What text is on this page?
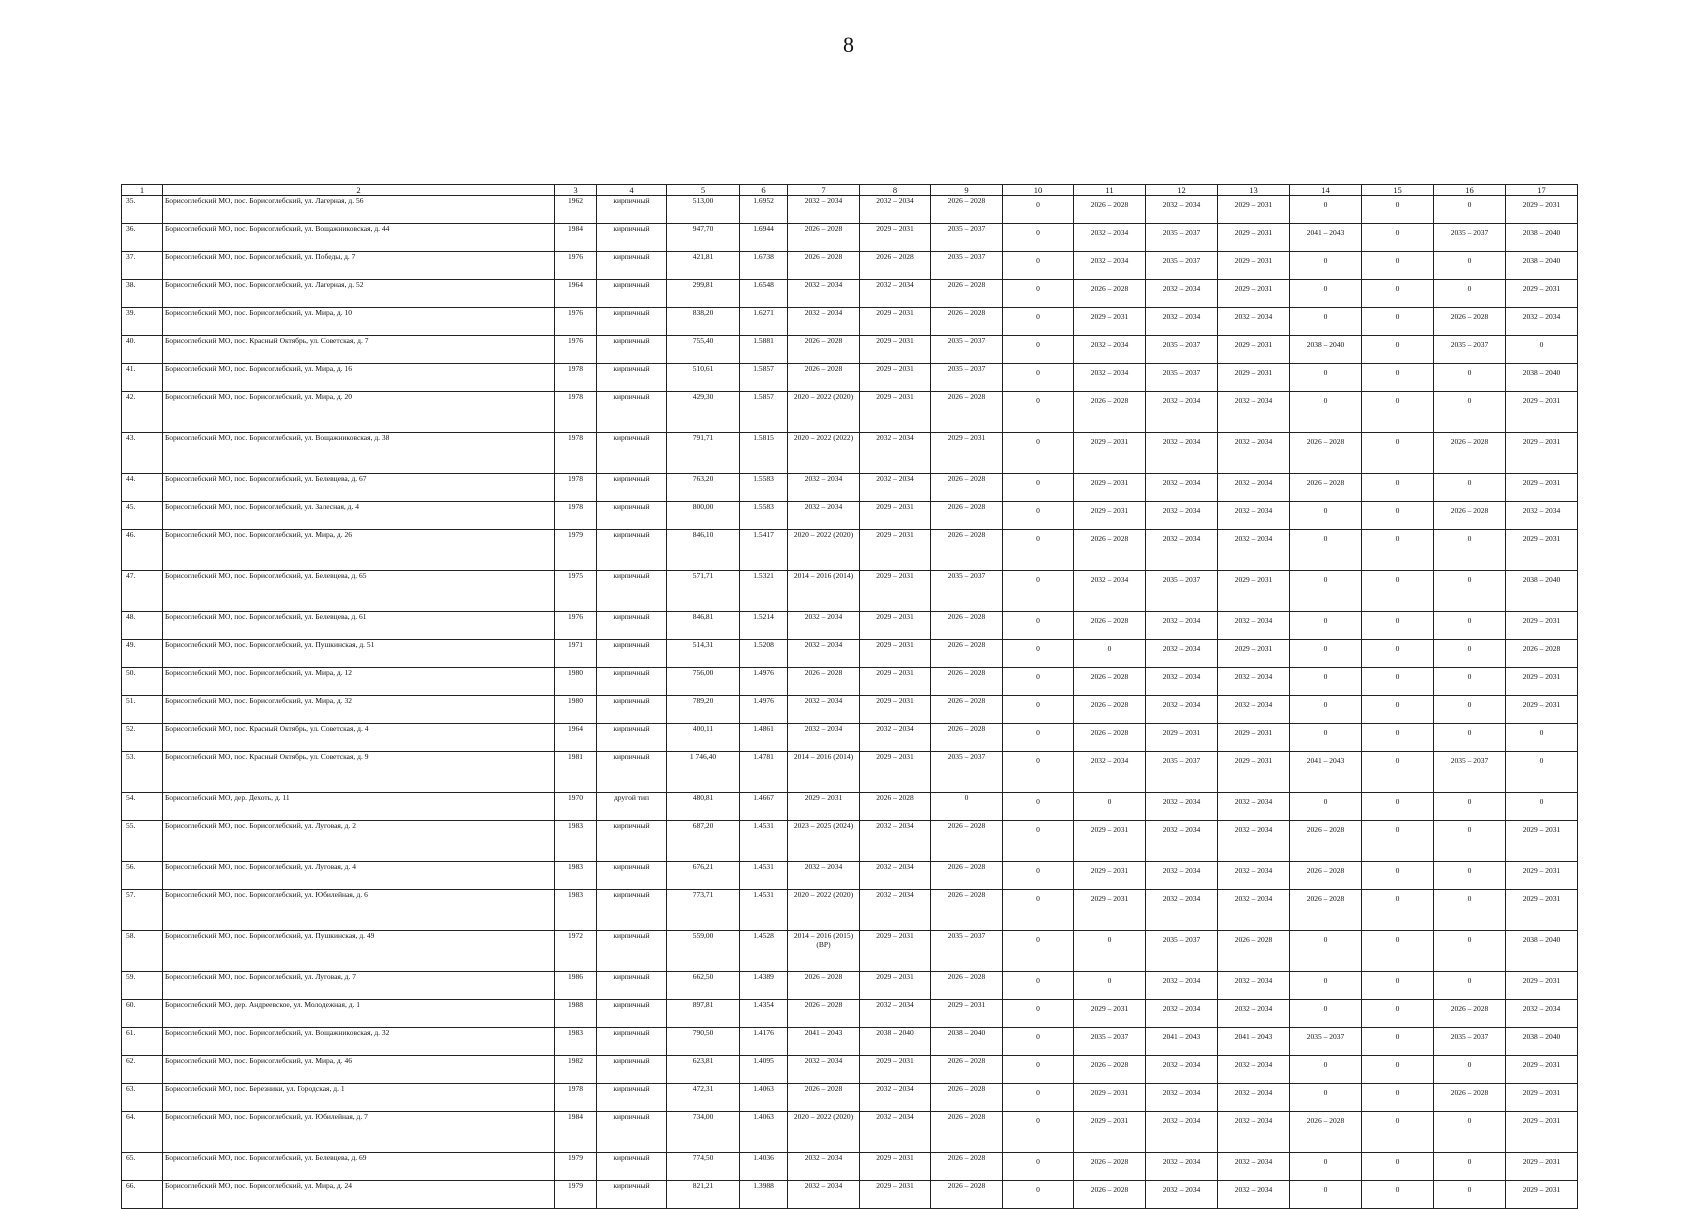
8
1	2	3	4	5	6	7	8	9	10	11	12	13	14	15	16	17
35.	Борисоглебский МО, пос. Борисоглебский, ул. Лагерная, д. 56	1962	кирпичный	513,00	1.6952	2032 – 2034	2032 – 2034	2026 – 2028	0	2026 – 2028	2032 – 2034	2029 – 2031	0	0	0	2029 – 2031
36.	Борисоглебский МО, пос. Борисоглебский, ул. Вощажниковская, д. 44	1984	кирпичный	947,70	1.6944	2026 – 2028	2029 – 2031	2035 – 2037	0	2032 – 2034	2035 – 2037	2029 – 2031	2041 – 2043	0	2035 – 2037	2038 – 2040
37.	Борисоглебский МО, пос. Борисоглебский, ул. Победы, д. 7	1976	кирпичный	421,81	1.6738	2026 – 2028	2026 – 2028	2035 – 2037	0	2032 – 2034	2035 – 2037	2029 – 2031	0	0	0	2038 – 2040
38.	Борисоглебский МО, пос. Борисоглебский, ул. Лагерная, д. 52	1964	кирпичный	299,81	1.6548	2032 – 2034	2032 – 2034	2026 – 2028	0	2026 – 2028	2032 – 2034	2029 – 2031	0	0	0	2029 – 2031
39.	Борисоглебский МО, пос. Борисоглебский, ул. Мира, д. 10	1976	кирпичный	838,20	1.6271	2032 – 2034	2029 – 2031	2026 – 2028	0	2029 – 2031	2032 – 2034	2032 – 2034	0	0	2026 – 2028	2032 – 2034
40.	Борисоглебский МО, пос. Красный Октябрь, ул. Советская, д. 7	1976	кирпичный	755,40	1.5881	2026 – 2028	2029 – 2031	2035 – 2037	0	2032 – 2034	2035 – 2037	2029 – 2031	2038 – 2040	0	2035 – 2037	0
41.	Борисоглебский МО, пос. Борисоглебский, ул. Мира, д. 16	1978	кирпичный	510,61	1.5857	2026 – 2028	2029 – 2031	2035 – 2037	0	2032 – 2034	2035 – 2037	2029 – 2031	0	0	0	2038 – 2040
42.	Борисоглебский МО, пос. Борисоглебский, ул. Мира, д. 20	1978	кирпичный	429,30	1.5857	2020 – 2022 (2020)	2029 – 2031	2026 – 2028	0	2026 – 2028	2032 – 2034	2032 – 2034	0	0	0	2029 – 2031
43.	Борисоглебский МО, пос. Борисоглебский, ул. Вощажниковская, д. 38	1978	кирпичный	791,71	1.5815	2020 – 2022 (2022)	2032 – 2034	2029 – 2031	0	2029 – 2031	2032 – 2034	2032 – 2034	2026 – 2028	0	2026 – 2028	2029 – 2031
44.	Борисоглебский МО, пос. Борисоглебский, ул. Белевцева, д. 67	1978	кирпичный	763,20	1.5583	2032 – 2034	2032 – 2034	2026 – 2028	0	2029 – 2031	2032 – 2034	2032 – 2034	2026 – 2028	0	0	2029 – 2031
45.	Борисоглебский МО, пос. Борисоглебский, ул. Залесная, д. 4	1978	кирпичный	800,00	1.5583	2032 – 2034	2029 – 2031	2026 – 2028	0	2029 – 2031	2032 – 2034	2032 – 2034	0	0	2026 – 2028	2032 – 2034
46.	Борисоглебский МО, пос. Борисоглебский, ул. Мира, д. 26	1979	кирпичный	846,10	1.5417	2020 – 2022 (2020)	2029 – 2031	2026 – 2028	0	2026 – 2028	2032 – 2034	2032 – 2034	0	0	0	2029 – 2031
47.	Борисоглебский МО, пос. Борисоглебский, ул. Белевцева, д. 65	1975	кирпичный	571,71	1.5321	2014 – 2016 (2014)	2029 – 2031	2035 – 2037	0	2032 – 2034	2035 – 2037	2029 – 2031	0	0	0	2038 – 2040
48.	Борисоглебский МО, пос. Борисоглебский, ул. Белевцева, д. 61	1976	кирпичный	846,81	1.5214	2032 – 2034	2029 – 2031	2026 – 2028	0	2026 – 2028	2032 – 2034	2032 – 2034	0	0	0	2029 – 2031
49.	Борисоглебский МО, пос. Борисоглебский, ул. Пушкинская, д. 51	1971	кирпичный	514,31	1.5208	2032 – 2034	2029 – 2031	2026 – 2028	0	0	2032 – 2034	2029 – 2031	0	0	0	2026 – 2028
50.	Борисоглебский МО, пос. Борисоглебский, ул. Мира, д. 12	1980	кирпичный	756,00	1.4976	2026 – 2028	2029 – 2031	2026 – 2028	0	2026 – 2028	2032 – 2034	2032 – 2034	0	0	0	2029 – 2031
51.	Борисоглебский МО, пос. Борисоглебский, ул. Мира, д. 32	1980	кирпичный	789,20	1.4976	2032 – 2034	2029 – 2031	2026 – 2028	0	2026 – 2028	2032 – 2034	2032 – 2034	0	0	0	2029 – 2031
52.	Борисоглебский МО, пос. Красный Октябрь, ул. Советская, д. 4	1964	кирпичный	400,11	1.4861	2032 – 2034	2032 – 2034	2026 – 2028	0	2026 – 2028	2029 – 2031	2029 – 2031	0	0	0	0
53.	Борисоглебский МО, пос. Красный Октябрь, ул. Советская, д. 9	1981	кирпичный	1 746,40	1.4781	2014 – 2016 (2014)	2029 – 2031	2035 – 2037	0	2032 – 2034	2035 – 2037	2029 – 2031	2041 – 2043	0	2035 – 2037	0
54.	Борисоглебский МО, дер. Дехоть, д. 11	1970	другой тип	480,81	1.4667	2029 – 2031	2026 – 2028	0	0	0	2032 – 2034	2032 – 2034	0	0	0	0
55.	Борисоглебский МО, пос. Борисоглебский, ул. Луговая, д. 2	1983	кирпичный	687,20	1.4531	2023 – 2025 (2024)	2032 – 2034	2026 – 2028	0	2029 – 2031	2032 – 2034	2032 – 2034	2026 – 2028	0	0	2029 – 2031
56.	Борисоглебский МО, пос. Борисоглебский, ул. Луговая, д. 4	1983	кирпичный	676,21	1.4531	2032 – 2034	2032 – 2034	2026 – 2028	0	2029 – 2031	2032 – 2034	2032 – 2034	2026 – 2028	0	0	2029 – 2031
57.	Борисоглебский МО, пос. Борисоглебский, ул. Юбилейная, д. 6	1983	кирпичный	773,71	1.4531	2020 – 2022 (2020)	2032 – 2034	2026 – 2028	0	2029 – 2031	2032 – 2034	2032 – 2034	2026 – 2028	0	0	2029 – 2031
58.	Борисоглебский МО, пос. Борисоглебский, ул. Пушкинская, д. 49	1972	кирпичный	559,00	1.4528	2014 – 2016 (2015) (ВР)	2029 – 2031	2035 – 2037	0	0	2035 – 2037	2026 – 2028	0	0	0	2038 – 2040
59.	Борисоглебский МО, пос. Борисоглебский, ул. Луговая, д. 7	1986	кирпичный	662,50	1.4389	2026 – 2028	2029 – 2031	2026 – 2028	0	0	2032 – 2034	2032 – 2034	0	0	0	2029 – 2031
60.	Борисоглебский МО, дер. Андреевское, ул. Молодежная, д. 1	1988	кирпичный	897,81	1.4354	2026 – 2028	2032 – 2034	2029 – 2031	0	2029 – 2031	2032 – 2034	2032 – 2034	0	0	2026 – 2028	2032 – 2034
61.	Борисоглебский МО, пос. Борисоглебский, ул. Вощажниковская, д. 32	1983	кирпичный	790,50	1.4176	2041 – 2043	2038 – 2040	2038 – 2040	0	2035 – 2037	2041 – 2043	2041 – 2043	2035 – 2037	0	2035 – 2037	2038 – 2040
62.	Борисоглебский МО, пос. Борисоглебский, ул. Мира, д. 46	1982	кирпичный	623,81	1.4095	2032 – 2034	2029 – 2031	2026 – 2028	0	2026 – 2028	2032 – 2034	2032 – 2034	0	0	0	2029 – 2031
63.	Борисоглебский МО, пос. Березники, ул. Городская, д. 1	1978	кирпичный	472,31	1.4063	2026 – 2028	2032 – 2034	2026 – 2028	0	2029 – 2031	2032 – 2034	2032 – 2034	0	0	2026 – 2028	2029 – 2031
64.	Борисоглебский МО, пос. Борисоглебский, ул. Юбилейная, д. 7	1984	кирпичный	734,00	1.4063	2020 – 2022 (2020)	2032 – 2034	2026 – 2028	0	2029 – 2031	2032 – 2034	2032 – 2034	2026 – 2028	0	0	2029 – 2031
65.	Борисоглебский МО, пос. Борисоглебский, ул. Белевцева, д. 69	1979	кирпичный	774,50	1.4036	2032 – 2034	2029 – 2031	2026 – 2028	0	2026 – 2028	2032 – 2034	2032 – 2034	0	0	0	2029 – 2031
66.	Борисоглебский МО, пос. Борисоглебский, ул. Мира, д. 24	1979	кирпичный	821,21	1.3988	2032 – 2034	2029 – 2031	2026 – 2028	0	2026 – 2028	2032 – 2034	2032 – 2034	0	0	0	2029 – 2031
